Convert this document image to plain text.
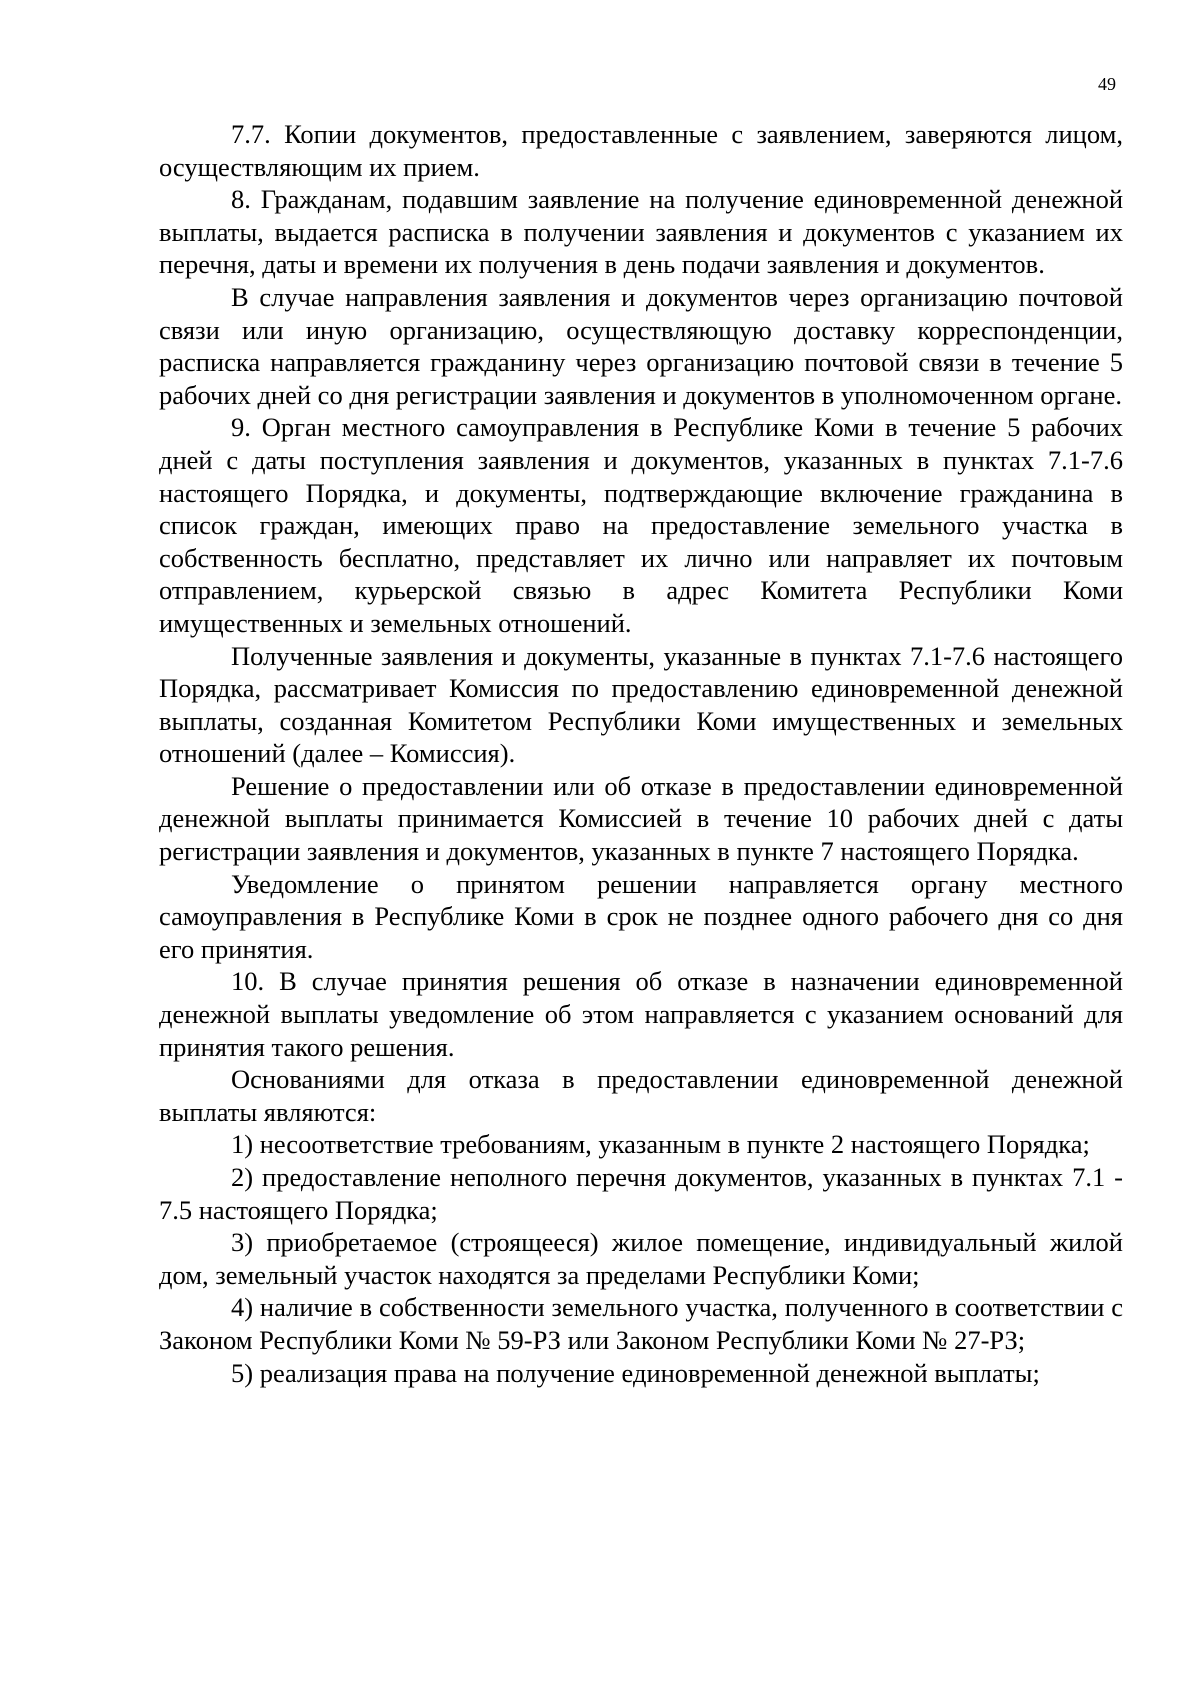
49

7.7. Копии документов, предоставленные с заявлением, заверяются лицом, осуществляющим их прием.

8. Гражданам, подавшим заявление на получение единовременной денежной выплаты, выдается расписка в получении заявления и документов с указанием их перечня, даты и времени их получения в день подачи заявления и документов.

В случае направления заявления и документов через организацию почтовой связи или иную организацию, осуществляющую доставку корреспонденции, расписка направляется гражданину через организацию почтовой связи в течение 5 рабочих дней со дня регистрации заявления и документов в уполномоченном органе.

9. Орган местного самоуправления в Республике Коми в течение 5 рабочих дней с даты поступления заявления и документов, указанных в пунктах 7.1-7.6 настоящего Порядка, и документы, подтверждающие включение гражданина в список граждан, имеющих право на предоставление земельного участка в собственность бесплатно, представляет их лично или направляет их почтовым отправлением, курьерской связью в адрес Комитета Республики Коми имущественных и земельных отношений.

Полученные заявления и документы, указанные в пунктах 7.1-7.6 настоящего Порядка, рассматривает Комиссия по предоставлению единовременной денежной выплаты, созданная Комитетом Республики Коми имущественных и земельных отношений (далее – Комиссия).

Решение о предоставлении или об отказе в предоставлении единовременной денежной выплаты принимается Комиссией в течение 10 рабочих дней с даты регистрации заявления и документов, указанных в пункте 7 настоящего Порядка.

Уведомление о принятом решении направляется органу местного самоуправления в Республике Коми в срок не позднее одного рабочего дня со дня его принятия.

10. В случае принятия решения об отказе в назначении единовременной денежной выплаты уведомление об этом направляется с указанием оснований для принятия такого решения.

Основаниями для отказа в предоставлении единовременной денежной выплаты являются:

1) несоответствие требованиям, указанным в пункте 2 настоящего Порядка;

2) предоставление неполного перечня документов, указанных в пунктах 7.1 - 7.5 настоящего Порядка;

3) приобретаемое (строящееся) жилое помещение, индивидуальный жилой дом, земельный участок находятся за пределами Республики Коми;

4) наличие в собственности земельного участка, полученного в соответствии с Законом Республики Коми № 59-РЗ или Законом Республики Коми № 27-РЗ;

5) реализация права на получение единовременной денежной выплаты;
